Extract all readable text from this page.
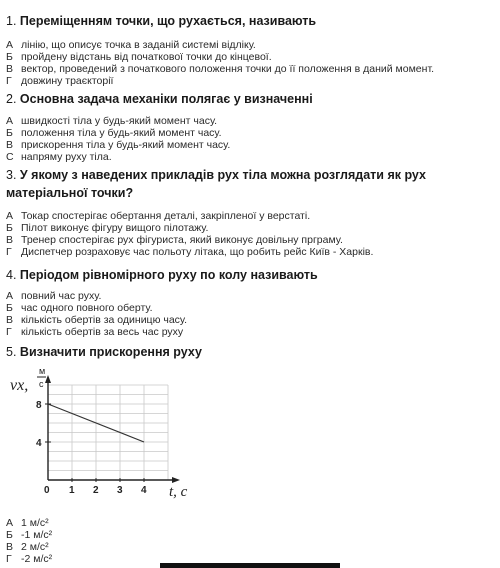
1. Переміщенням точки, що рухається, називають
А лінію, що описує точка в заданій системі відліку.
Б пройдену відстань від початкової точки до кінцевої.
В вектор, проведений з початкового положення точки до її положення в даний момент.
Г довжину траєкторії
2. Основна задача механіки полягає у визначенні
А швидкості тіла у будь-який момент часу.
Б положення тіла у будь-який момент часу.
В прискорення тіла у будь-який момент часу.
С напряму руху тіла.
3. У якому з наведених прикладів рух тіла можна розглядати як рух матеріальної точки?
А Токар спостерігає обертання деталі, закріпленої у верстаті.
Б Пілот виконує фігуру вищого пілотажу.
В Тренер спостерігає рух фігуриста, який виконує довільну прграму.
Г Диспетчер розраховує час польоту літака, що робить рейс Київ - Харків.
4. Періодом рівномірного руху по колу називають
А повний час руху.
Б час одного повного оберту.
В кількість обертів за одиницю часу.
Г кількість обертів за весь час руху
5. Визначити прискорення руху
0 1 2 3 4
4
8
vx,
м
с
t, c
А 1 м/с²
Б -1 м/с²
В 2 м/с²
Г -2 м/с²
